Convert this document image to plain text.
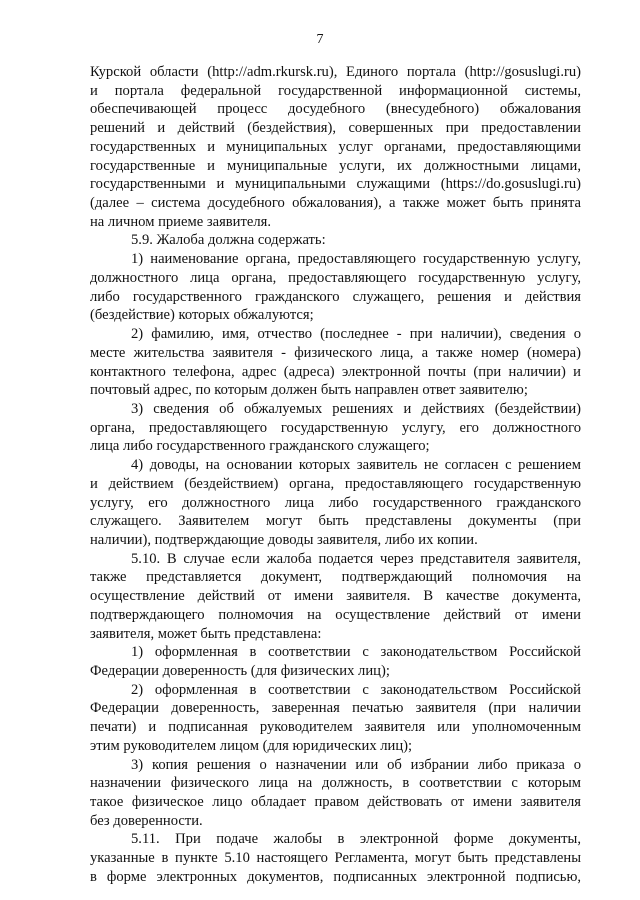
7
Курской области (http://adm.rkursk.ru), Единого портала (http://gosuslugi.ru)
и портала федеральной государственной информационной системы,
обеспечивающей процесс досудебного (внесудебного) обжалования
решений и действий (бездействия), совершенных при предоставлении
государственных и муниципальных услуг органами, предоставляющими
государственные и муниципальные услуги, их должностными лицами,
государственными и муниципальными служащими (https://do.gosuslugi.ru)
(далее – система досудебного обжалования), а также может быть принята
на личном приеме заявителя.
5.9. Жалоба должна содержать:
1) наименование органа, предоставляющего государственную услугу,
должностного лица органа, предоставляющего государственную услугу,
либо государственного гражданского служащего, решения и действия
(бездействие) которых обжалуются;
2) фамилию, имя, отчество (последнее - при наличии), сведения о
месте жительства заявителя - физического лица, а также номер (номера)
контактного телефона, адрес (адреса) электронной почты (при наличии) и
почтовый адрес, по которым должен быть направлен ответ заявителю;
3) сведения об обжалуемых решениях и действиях (бездействии)
органа, предоставляющего государственную услугу, его должностного
лица либо государственного гражданского служащего;
4) доводы, на основании которых заявитель не согласен с решением
и действием (бездействием) органа, предоставляющего государственную
услугу, его должностного лица либо государственного гражданского
служащего. Заявителем могут быть представлены документы (при
наличии), подтверждающие доводы заявителя, либо их копии.
5.10. В случае если жалоба подается через представителя заявителя,
также представляется документ, подтверждающий полномочия на
осуществление действий от имени заявителя. В качестве документа,
подтверждающего полномочия на осуществление действий от имени
заявителя, может быть представлена:
1) оформленная в соответствии с законодательством Российской
Федерации доверенность (для физических лиц);
2) оформленная в соответствии с законодательством Российской
Федерации доверенность, заверенная печатью заявителя (при наличии
печати) и подписанная руководителем заявителя или уполномоченным
этим руководителем лицом (для юридических лиц);
3) копия решения о назначении или об избрании либо приказа о
назначении физического лица на должность, в соответствии с которым
такое физическое лицо обладает правом действовать от имени заявителя
без доверенности.
5.11. При подаче жалобы в электронной форме документы,
указанные в пункте 5.10 настоящего Регламента, могут быть представлены
в форме электронных документов, подписанных электронной подписью,
